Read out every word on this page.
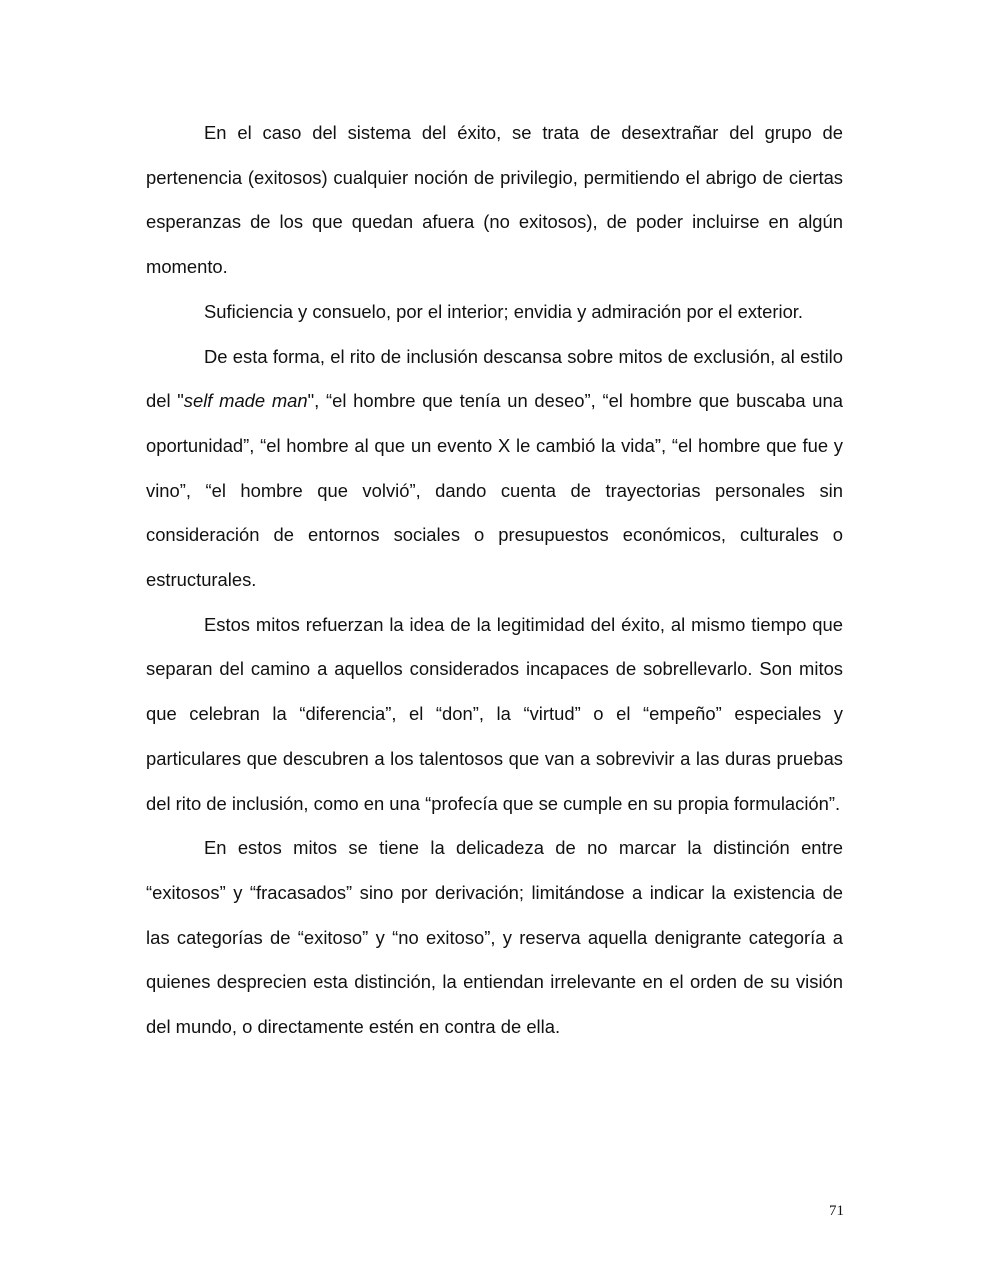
En el caso del sistema del éxito, se trata de desextrañar del grupo de pertenencia (exitosos) cualquier noción de privilegio, permitiendo el abrigo de ciertas esperanzas de los que quedan afuera (no exitosos), de poder incluirse en algún momento.

Suficiencia y consuelo, por el interior; envidia y admiración por el exterior.

De esta forma, el rito de inclusión descansa sobre mitos de exclusión, al estilo del "self made man", “el hombre que tenía un deseo”, “el hombre que buscaba una oportunidad”, “el hombre al que un evento X le cambió la vida”, “el hombre que fue y vino”, “el hombre que volvió”, dando cuenta de trayectorias personales sin consideración de entornos sociales o presupuestos económicos, culturales o estructurales.

Estos mitos refuerzan la idea de la legitimidad del éxito, al mismo tiempo que separan del camino a aquellos considerados incapaces de sobrellevarlo. Son mitos que celebran la “diferencia”, el “don”, la “virtud” o el “empeño” especiales y particulares que descubren a los talentosos que van a sobrevivir a las duras pruebas del rito de inclusión, como en una “profecía que se cumple en su propia formulación”.

En estos mitos se tiene la delicadeza de no marcar la distinción entre “exitosos” y “fracasados” sino por derivación; limitándose a indicar la existencia de las categorías de “exitoso” y “no exitoso”, y reserva aquella denigrante categoría a quienes desprecien esta distinción, la entiendan irrelevante en el orden de su visión del mundo, o directamente estén en contra de ella.

71
